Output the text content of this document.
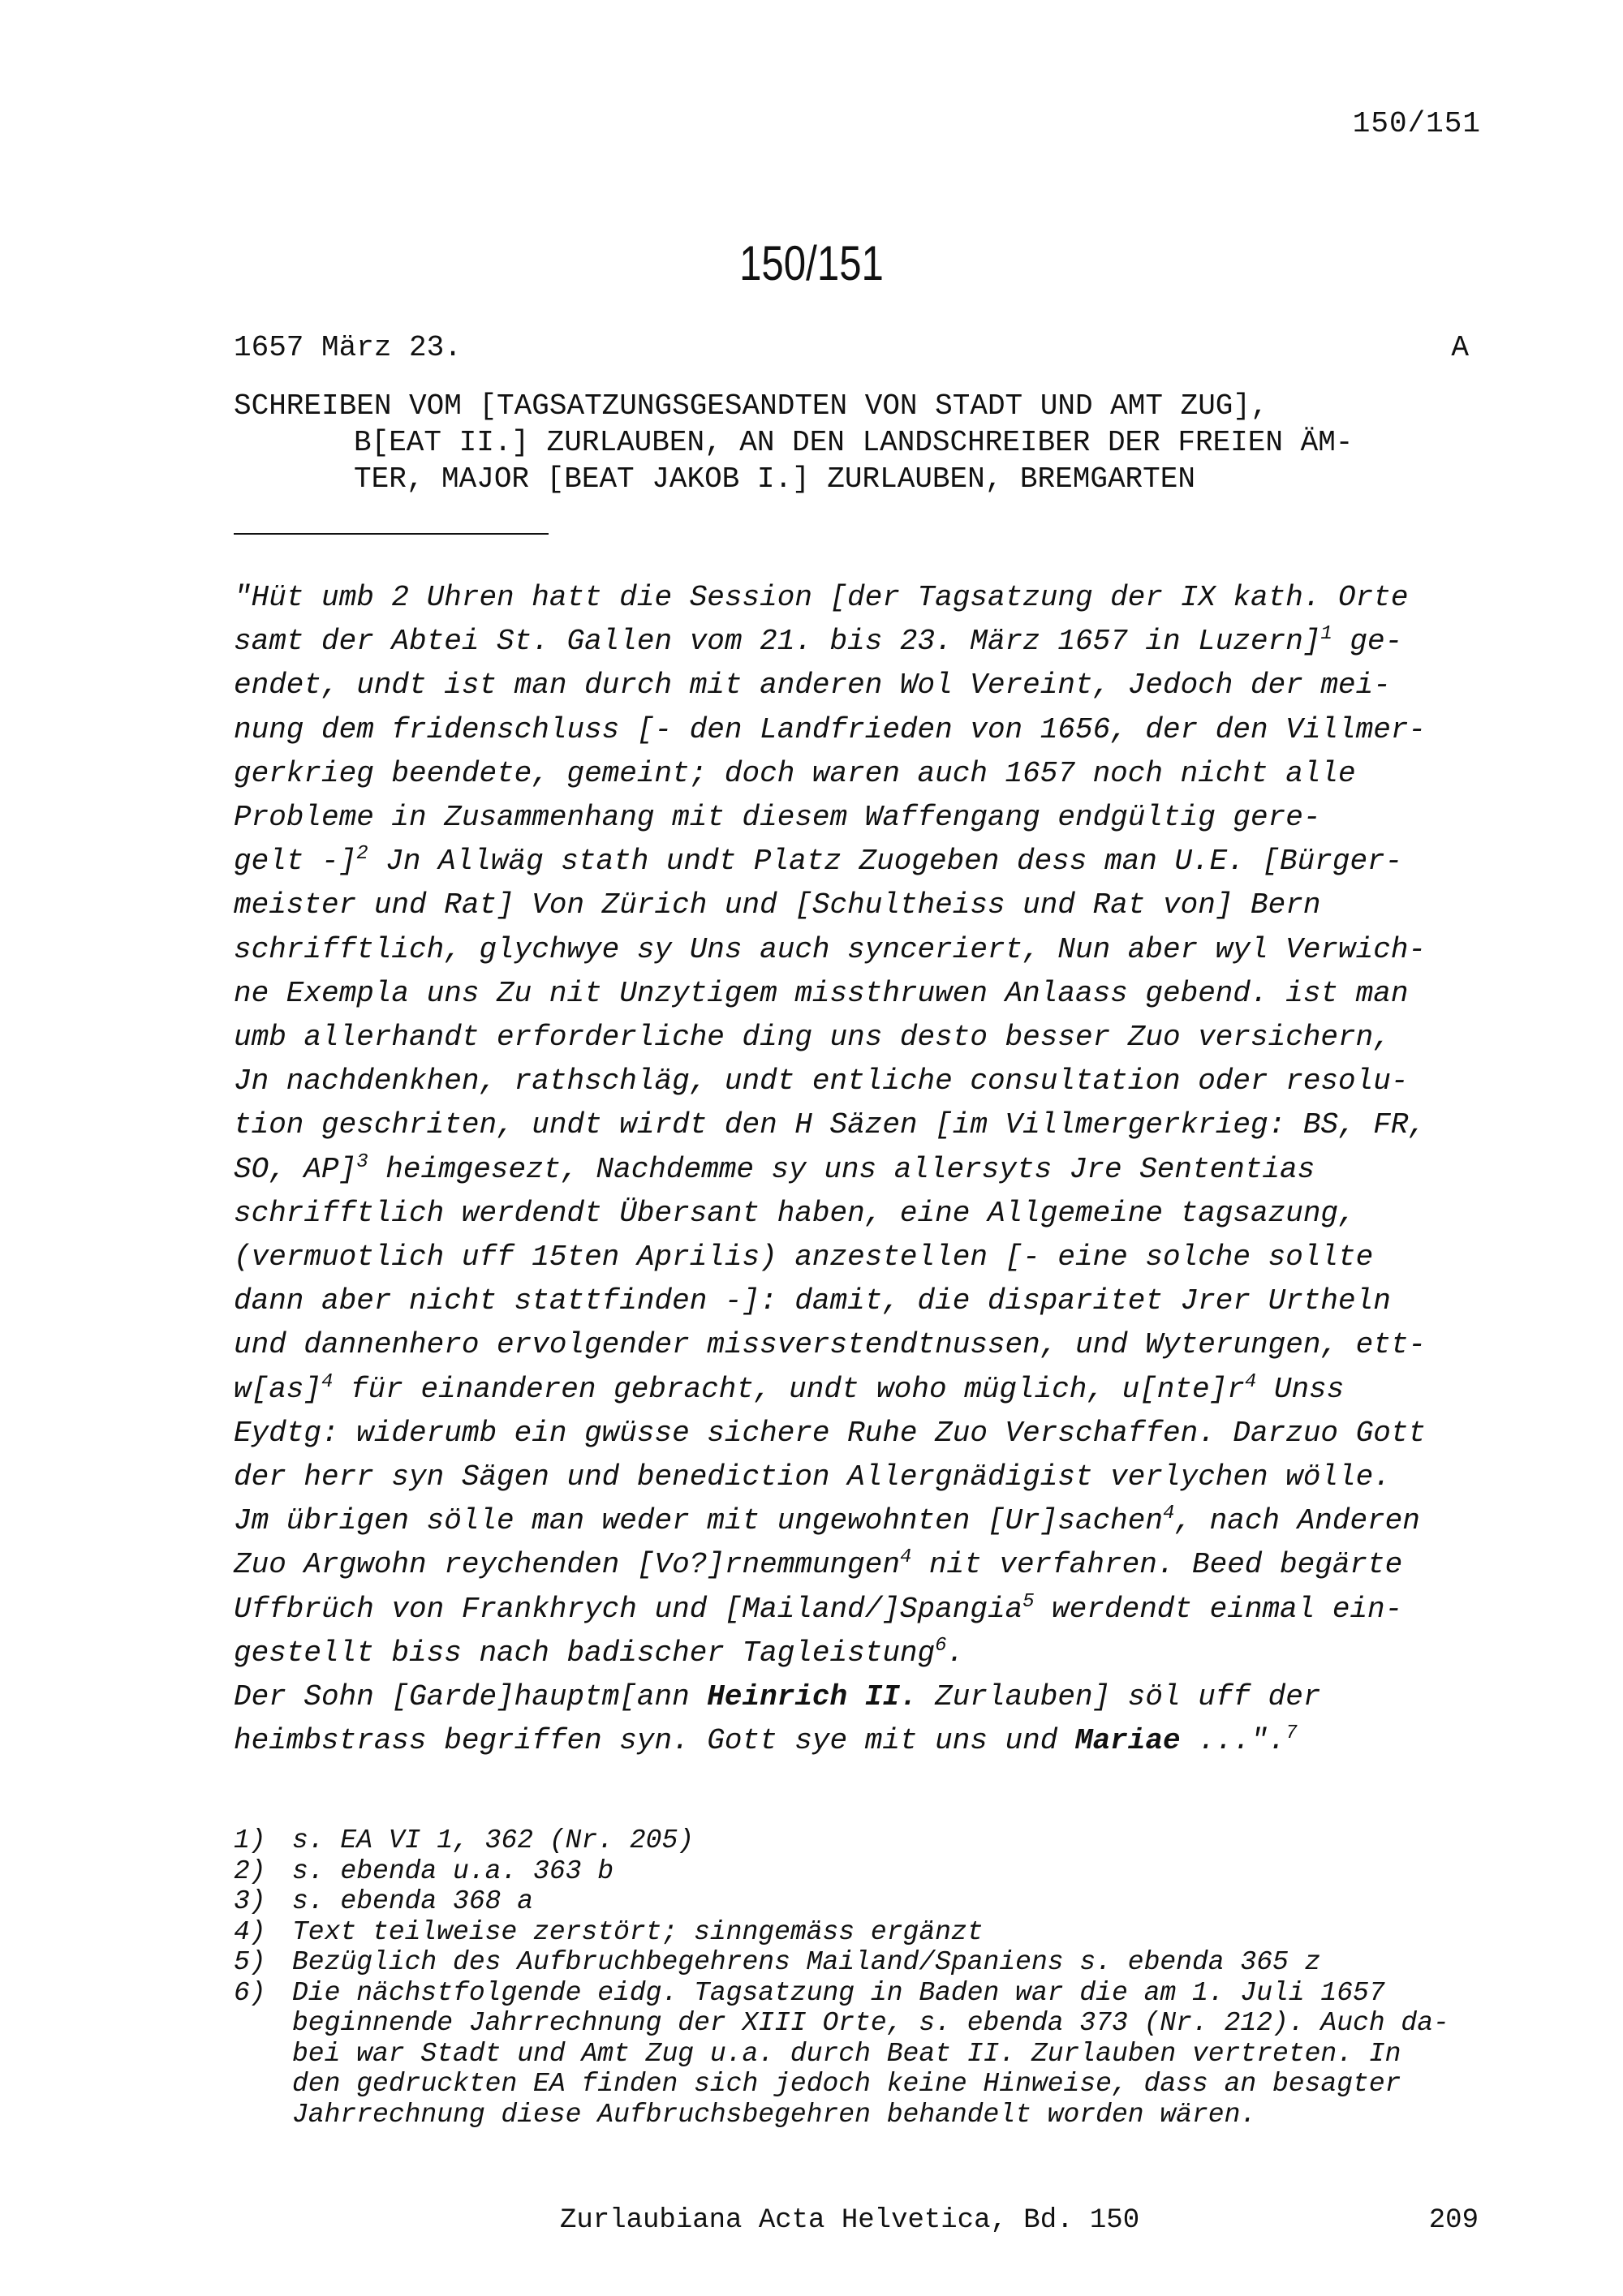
150/151
150/151
1657 März 23.	A
SCHREIBEN VOM [TAGSATZUNGSGESANDTEN VON STADT UND AMT ZUG],
B[EAT II.] ZURLAUBEN, AN DEN LANDSCHREIBER DER FREIEN ÄM-
TER, MAJOR [BEAT JAKOB I.] ZURLAUBEN, BREMGARTEN
"Hüt umb 2 Uhren hatt die Session [der Tagsatzung der IX kath. Orte
samt der Abtei St. Gallen vom 21. bis 23. März 1657 in Luzern]$^1$ ge-
endet, undt ist man durch mit anderen Wol Vereint, Jedoch der mei-
nung dem fridenschluss [- den Landfrieden von 1656, der den Villmer-
gerkrieg beendete, gemeint; doch waren auch 1657 noch nicht alle
Probleme in Zusammenhang mit diesem Waffengang endgültig gere-
gelt -]$^2$ Jn Allwäg stath undt Platz Zuogeben dess man U.E. [Bürger-
meister und Rat] Von Zürich und [Schultheiss und Rat von] Bern
schrifftlich, glychwye sy Uns auch synceriert, Nun aber wyl Verwich-
ne Exempla uns Zu nit Unzytigem missthruwen Anlaass gebend. ist man
umb allerhandt erforderliche ding uns desto besser Zuo versichern,
Jn nachdenkhen, rathschläg, undt entliche consultation oder resolu-
tion geschriten, undt wirdt den H Säzen [im Villmergerkrieg: BS, FR,
SO, AP]$^3$ heimgesezt, Nachdemme sy uns allersyts Jre Sententias
schrifftlich werdendt Übersant haben, eine Allgemeine tagsazung,
(vermuotlich uff 15ten Aprilis) anzestellen [- eine solche sollte
dann aber nicht stattfinden -]: damit, die disparitet Jrer Urtheln
und dannenhero ervolgender missverstendtnussen, und Wyterungen, ett-
w[as]$^4$ für einanderen gebracht, undt woho müglich, $u[nte]r^4$ Unss
Eydtg: widerumb ein gwüsse sichere Ruhe Zuo Verschaffen. Darzuo Gott
der herr syn Sägen und benediction Allergnädigist verlychen wölle.
Jm übrigen sölle man weder mit ungewohnten [Ur]sachen$^4$, nach Anderen
Zuo Argwohn reychenden [Vo?]rnemmungen$^4$ nit verfahren. Beed begärte
Uffbrüch von Frankhrych und [Mailand/]Spangia$^5$ werdendt einmal ein-
gestellt biss nach badischer Tagleistung$^6$.
Der Sohn [Garde]hauptm[ann Heinrich II. Zurlauben] söl uff der
heimbstrass begriffen syn. Gott sye mit uns und Mariae ...".$^7$
1) s. EA VI 1, 362 (Nr. 205)
2) s. ebenda u.a. 363 b
3) s. ebenda 368 a
4) Text teilweise zerstört; sinngemäss ergänzt
5) Bezüglich des Aufbruchbegehrens Mailand/Spaniens s. ebenda 365 z
6) Die nächstfolgende eidg. Tagsatzung in Baden war die am 1. Juli 1657
beginnende Jahrrechnung der XIII Orte, s. ebenda 373 (Nr. 212). Auch da-
bei war Stadt und Amt Zug u.a. durch Beat II. Zurlauben vertreten. In
den gedruckten EA finden sich jedoch keine Hinweise, dass an besagter
Jahrrechnung diese Aufbruchsbegehren behandelt worden wären.
Zurlaubiana Acta Helvetica, Bd. 150	209
